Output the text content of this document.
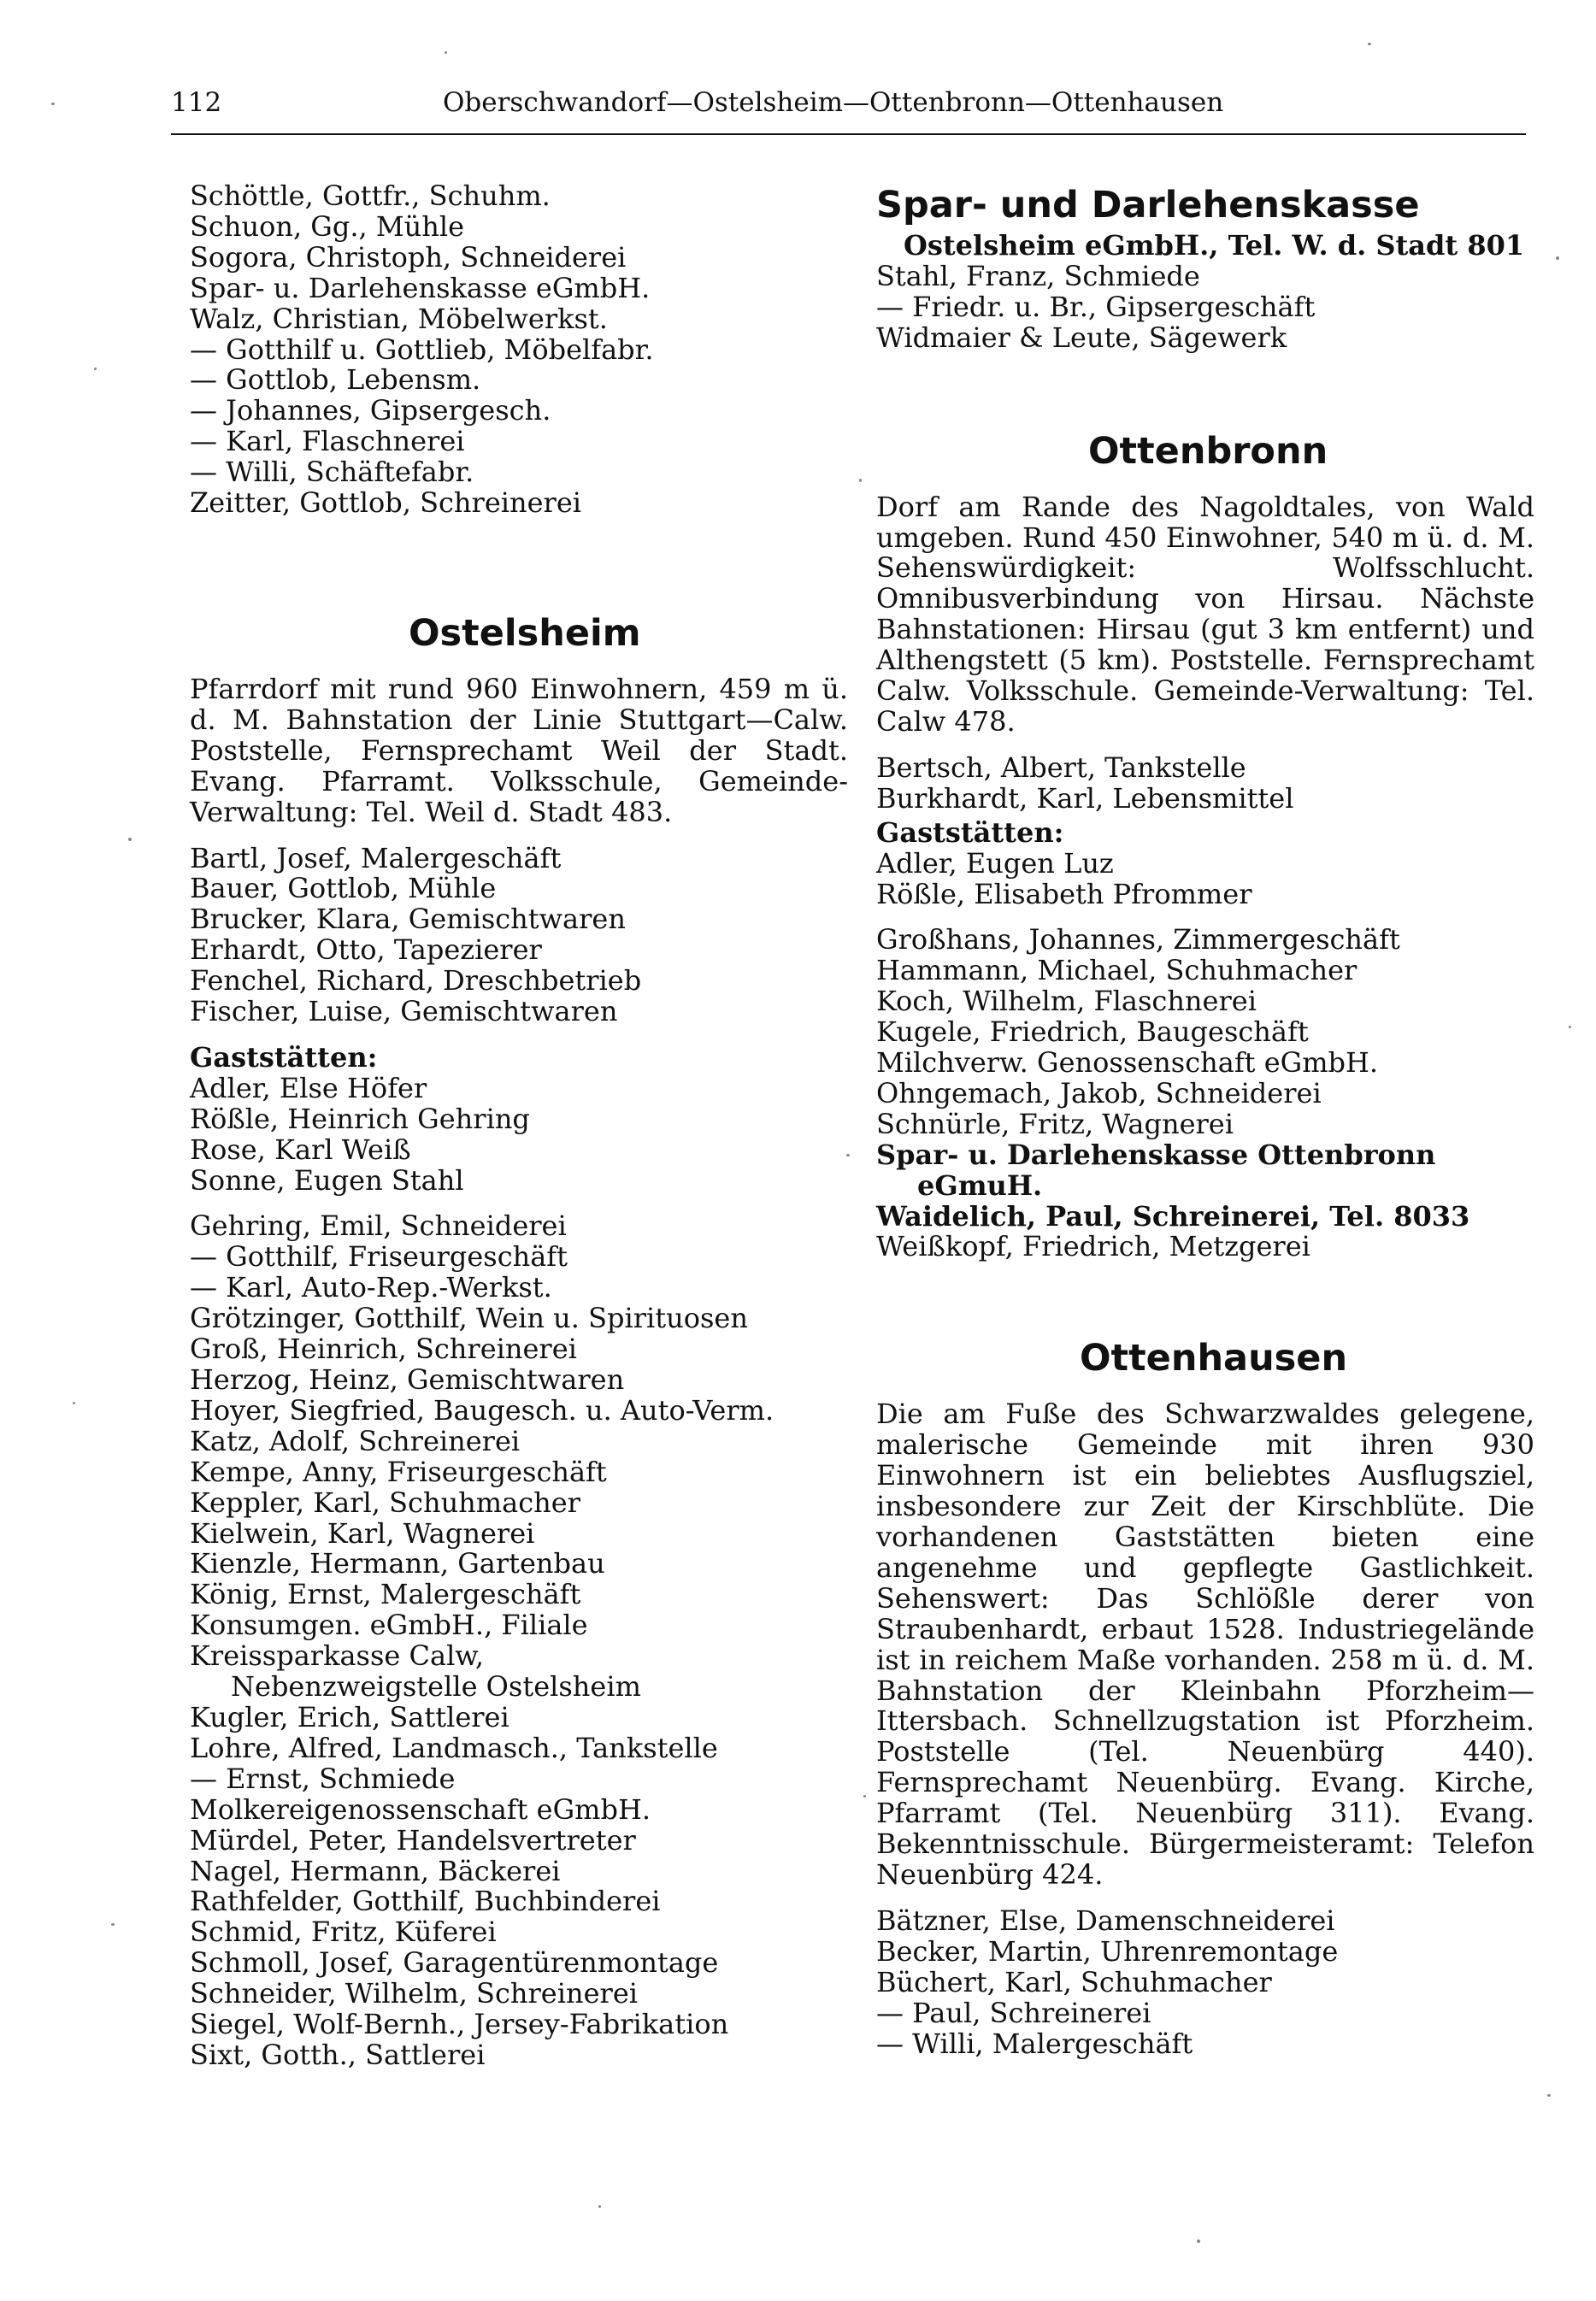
112	Oberschwandorf—Ostelsheim—Ottenbronn—Ottenhausen
Schöttle, Gottfr., Schuhm.
Schuon, Gg., Mühle
Sogora, Christoph, Schneiderei
Spar- u. Darlehenskasse eGmbH.
Walz, Christian, Möbelwerkst.
— Gotthilf u. Gottlieb, Möbelfabr.
— Gottlob, Lebensm.
— Johannes, Gipsergesch.
— Karl, Flaschnerei
— Willi, Schäftefabr.
Zeitter, Gottlob, Schreinerei
Ostelsheim
Pfarrdorf mit rund 960 Einwohnern, 459 m ü. d. M. Bahnstation der Linie Stuttgart—Calw. Poststelle, Fernsprechamt Weil der Stadt. Evang. Pfarramt. Volksschule, Gemeinde-Verwaltung: Tel. Weil d. Stadt 483.
Bartl, Josef, Malergeschäft
Bauer, Gottlob, Mühle
Brucker, Klara, Gemischtwaren
Erhardt, Otto, Tapezierer
Fenchel, Richard, Dreschbetrieb
Fischer, Luise, Gemischtwaren
Gaststätten:
Adler, Else Höfer
Rößle, Heinrich Gehring
Rose, Karl Weiß
Sonne, Eugen Stahl
Gehring, Emil, Schneiderei
— Gotthilf, Friseurgeschäft
— Karl, Auto-Rep.-Werkst.
Grötzinger, Gotthilf, Wein u. Spirituosen
Groß, Heinrich, Schreinerei
Herzog, Heinz, Gemischtwaren
Hoyer, Siegfried, Baugesch. u. Auto-Verm.
Katz, Adolf, Schreinerei
Kempe, Anny, Friseurgeschäft
Keppler, Karl, Schuhmacher
Kielwein, Karl, Wagnerei
Kienzle, Hermann, Gartenbau
König, Ernst, Malergeschäft
Konsumgen. eGmbH., Filiale
Kreissparkasse Calw,
Nebenzweigstelle Ostelsheim
Kugler, Erich, Sattlerei
Lohre, Alfred, Landmasch., Tankstelle
— Ernst, Schmiede
Molkereigenossenschaft eGmbH.
Mürdel, Peter, Handelsvertreter
Nagel, Hermann, Bäckerei
Rathfelder, Gotthilf, Buchbinderei
Schmid, Fritz, Küferei
Schmoll, Josef, Garagentürenmontage
Schneider, Wilhelm, Schreinerei
Siegel, Wolf-Bernh., Jersey-Fabrikation
Sixt, Gotth., Sattlerei
Spar- und Darlehenskasse
Ostelsheim eGmbH., Tel. W. d. Stadt 801
Stahl, Franz, Schmiede
— Friedr. u. Br., Gipsergeschäft
Widmaier & Leute, Sägewerk
Ottenbronn
Dorf am Rande des Nagoldtales, von Wald umgeben. Rund 450 Einwohner, 540 m ü. d. M. Sehenswürdigkeit: Wolfsschlucht. Omnibusverbindung von Hirsau. Nächste Bahnstationen: Hirsau (gut 3 km entfernt) und Althengstett (5 km). Poststelle. Fernsprechamt Calw. Volksschule. Gemeinde-Verwaltung: Tel. Calw 478.
Bertsch, Albert, Tankstelle
Burkhardt, Karl, Lebensmittel
Gaststätten:
Adler, Eugen Luz
Rößle, Elisabeth Pfrommer
Großhans, Johannes, Zimmergeschäft
Hammann, Michael, Schuhmacher
Koch, Wilhelm, Flaschnerei
Kugele, Friedrich, Baugeschäft
Milchverw. Genossenschaft eGmbH.
Ohngemach, Jakob, Schneiderei
Schnürle, Fritz, Wagnerei
Spar- u. Darlehenskasse Ottenbronn
eGmuH.
Waidelich, Paul, Schreinerei, Tel. 8033
Weißkopf, Friedrich, Metzgerei
Ottenhausen
Die am Fuße des Schwarzwaldes gelegene, malerische Gemeinde mit ihren 930 Einwohnern ist ein beliebtes Ausflugsziel, insbesondere zur Zeit der Kirschblüte. Die vorhandenen Gaststätten bieten eine angenehme und gepflegte Gastlichkeit. Sehenswert: Das Schlößle derer von Straubenhardt, erbaut 1528. Industriegelände ist in reichem Maße vorhanden. 258 m ü. d. M. Bahnstation der Kleinbahn Pforzheim—Ittersbach. Schnellzugstation ist Pforzheim. Poststelle (Tel. Neuenbürg 440). Fernsprechamt Neuenbürg. Evang. Kirche, Pfarramt (Tel. Neuenbürg 311). Evang. Bekenntnisschule. Bürgermeisteramt: Telefon Neuenbürg 424.
Bätzner, Else, Damenschneiderei
Becker, Martin, Uhrenremontage
Büchert, Karl, Schuhmacher
— Paul, Schreinerei
— Willi, Malergeschäft
